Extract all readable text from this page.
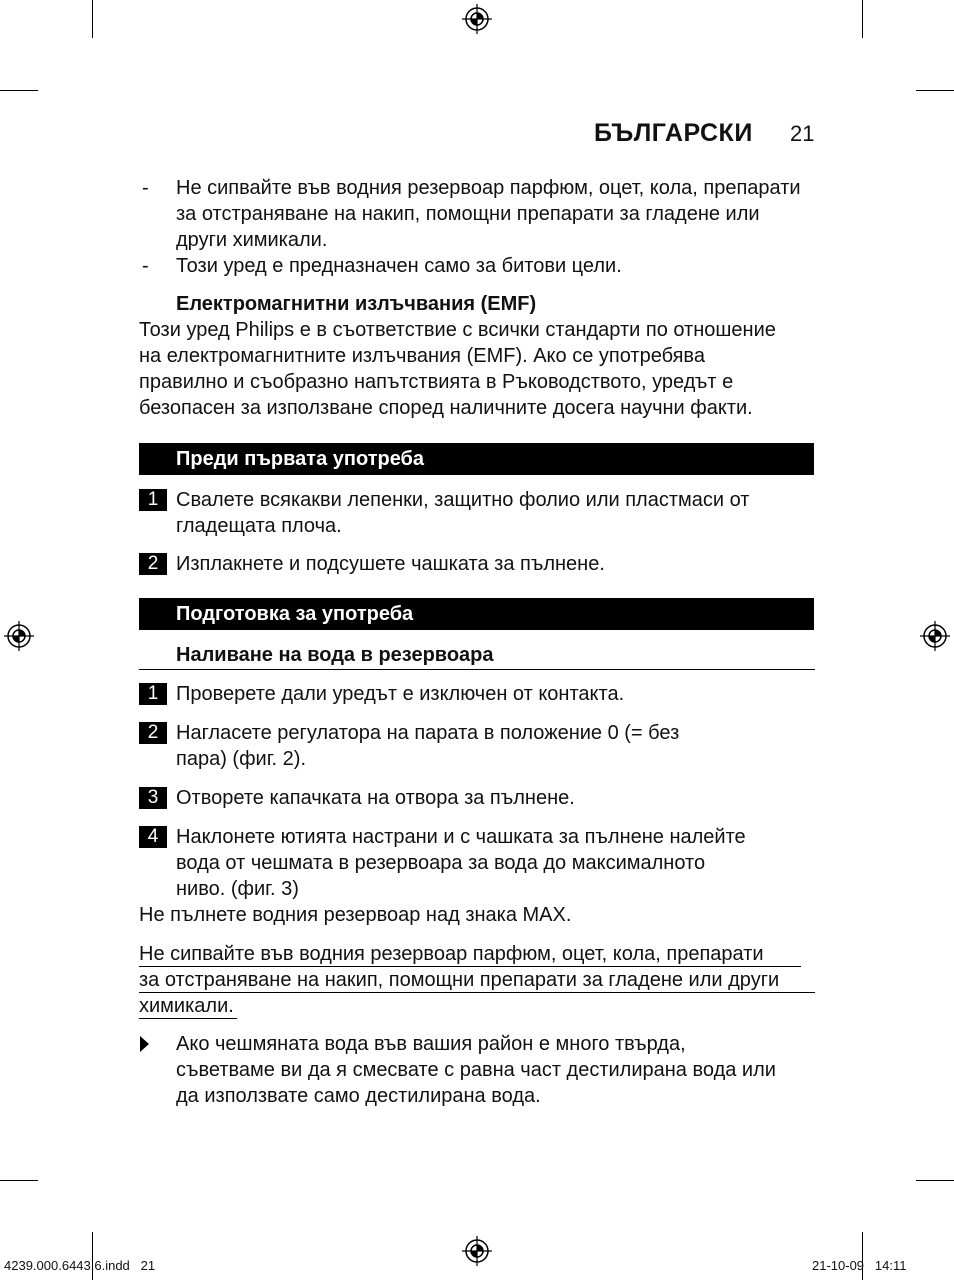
БЪЛГАРСКИ 21
- Не сипвайте във водния резервоар парфюм, оцет, кола, препарати
за отстраняване на накип, помощни препарати за гладене или
други химикали.
- Този уред е предназначен само за битови цели.
Електромагнитни излъчвания (EMF)
Този уред Philips е в съответствие с всички стандарти по отношение
на електромагнитните излъчвания (EMF). Ако се употребява
правилно и съобразно напътствията в Ръководството, уредът е
безопасен за използване според наличните досега научни факти.
Преди първата употреба
1 Свалете всякакви лепенки, защитно фолио или пластмаси от
гладещата плоча.
2 Изплакнете и подсушете чашката за пълнене.
Подготовка за употреба
Наливане на вода в резервоара
1 Проверете дали уредът е изключен от контакта.
2 Нагласете регулатора на парата в положение 0 (= без
пара) (фиг. 2).
3 Отворете капачката на отвора за пълнене.
4 Наклонете ютията настрани и с чашката за пълнене налейте
вода от чешмата в резервоара за вода до максималното
ниво. (фиг. 3)
Не пълнете водния резервоар над знака MAX.
Не сипвайте във водния резервоар парфюм, оцет, кола, препарати
за отстраняване на накип, помощни препарати за гладене или други
химикали.
Ако чешмяната вода във вашия район е много твърда,
съветваме ви да я смесвате с равна част дестилирана вода или
да използвате само дестилирана вода.
4239.000.6443.6.indd   21	21-10-09   14:11
